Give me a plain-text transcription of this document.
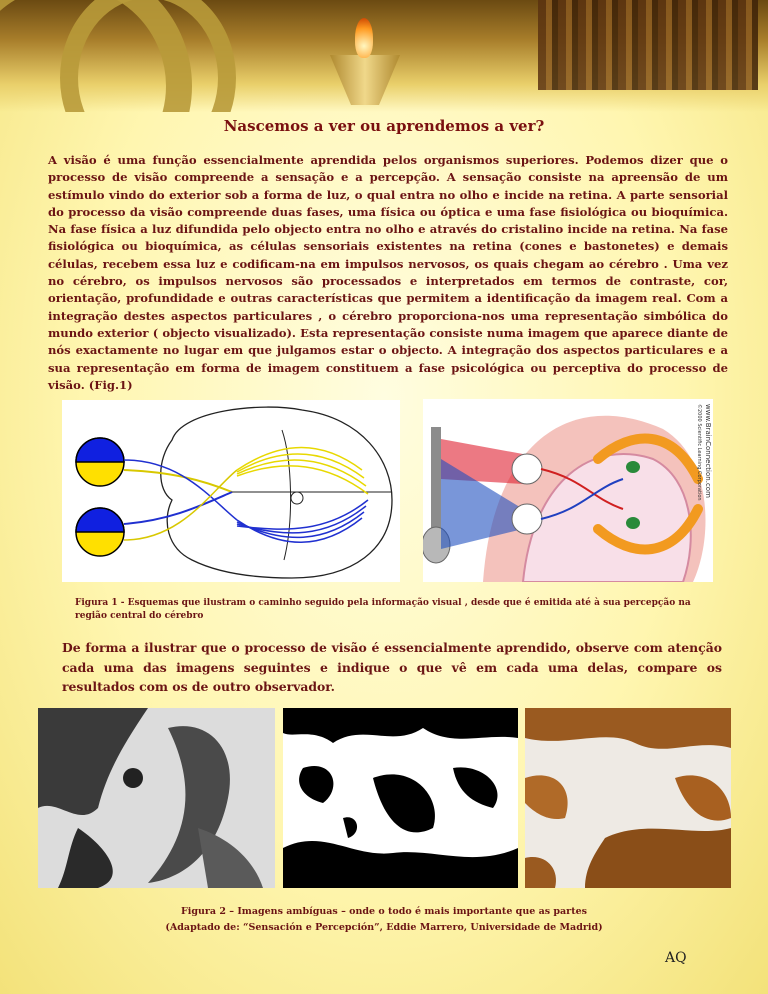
Nascemos a ver ou aprendemos a ver?

A visão é uma função essencialmente aprendida pelos organismos superiores. Podemos dizer que o processo de visão compreende a sensação e a percepção. A sensação consiste na apreensão de um estímulo vindo do exterior sob a forma de luz, o qual entra no olho e incide na retina. A parte sensorial do processo da visão compreende duas fases, uma física ou óptica e uma fase fisiológica ou bioquímica. Na fase física a luz difundida pelo objecto entra no olho e através do cristalino incide na retina. Na fase fisiológica ou bioquímica, as células sensoriais existentes na retina (cones e bastonetes) e demais células, recebem essa luz e codificam-na em impulsos nervosos, os quais chegam ao cérebro . Uma vez no cérebro, os impulsos nervosos são processados e interpretados em termos de contraste, cor, orientação, profundidade e outras características que permitem a identificação da imagem real. Com a integração destes aspectos particulares , o cérebro proporciona-nos uma representação simbólica do mundo exterior ( objecto visualizado). Esta representação consiste numa imagem que aparece diante de nós exactamente no lugar em que julgamos estar o objecto. A integração dos aspectos particulares e a sua representação em forma de imagem constituem a fase psicológica ou perceptiva do processo de visão. (Fig.1)

www.BrainConnection.com
©2000 Scientific Learning Corporation

Figura 1 - Esquemas que ilustram o caminho seguido pela informação visual , desde que é emitida até à sua percepção na região central do cérebro

De forma a ilustrar que o processo de visão é essencialmente aprendido, observe com atenção cada uma das imagens seguintes e indique o que vê em cada uma delas, compare os resultados com os de outro observador.

Figura 2 – Imagens ambíguas – onde o todo é mais importante que as partes
(Adaptado de: “Sensación e Percepción”, Eddie Marrero, Universidade de Madrid)
AQ
